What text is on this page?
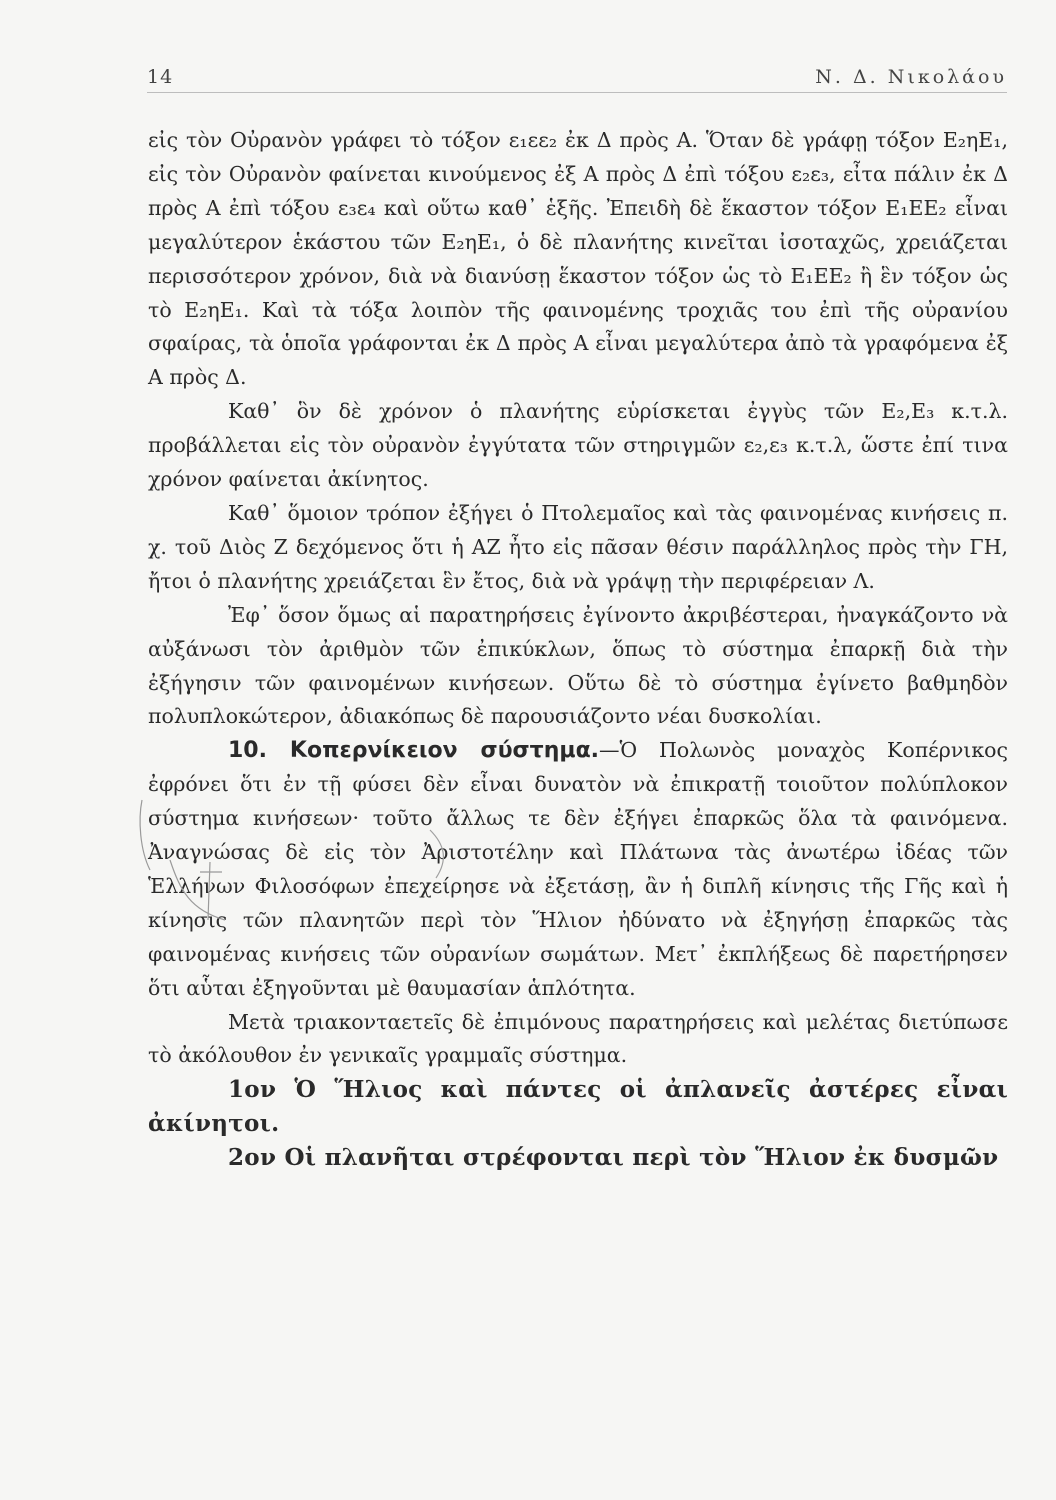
14	Ν. Δ. Νικολάου

εἰς τὸν Οὐρανὸν γράφει τὸ τόξον ε₁εε₂ ἐκ Δ πρὸς Α. Ὅταν δὲ γράφῃ τόξον Ε₂ηΕ₁, εἰς τὸν Οὐρανὸν φαίνεται κινούμενος ἐξ Α πρὸς Δ ἐπὶ τόξου ε₂ε₃, εἶτα πάλιν ἐκ Δ πρὸς Α ἐπὶ τόξου ε₃ε₄ καὶ οὕτω καθ᾽ ἑξῆς. Ἐπειδὴ δὲ ἕκαστον τόξον Ε₁ΕΕ₂ εἶναι μεγαλύτερον ἑκάστου τῶν Ε₂ηΕ₁, ὁ δὲ πλανήτης κινεῖται ἰσοταχῶς, χρειάζεται περισσότερον χρόνον, διὰ νὰ διανύσῃ ἕκαστον τόξον ὡς τὸ Ε₁ΕΕ₂ ἢ ἓν τόξον ὡς τὸ Ε₂ηΕ₁. Καὶ τὰ τόξα λοιπὸν τῆς φαινομένης τροχιᾶς του ἐπὶ τῆς οὐρανίου σφαίρας, τὰ ὁποῖα γράφονται ἐκ Δ πρὸς Α εἶναι μεγαλύτερα ἀπὸ τὰ γραφόμενα ἐξ Α πρὸς Δ.

Καθ᾽ ὃν δὲ χρόνον ὁ πλανήτης εὑρίσκεται ἐγγὺς τῶν Ε₂,Ε₃ κ.τ.λ. προβάλλεται εἰς τὸν οὐρανὸν ἐγγύτατα τῶν στηριγμῶν ε₂,ε₃ κ.τ.λ, ὥστε ἐπί τινα χρόνον φαίνεται ἀκίνητος.

Καθ᾽ ὅμοιον τρόπον ἐξήγει ὁ Πτολεμαῖος καὶ τὰς φαινομένας κινήσεις π. χ. τοῦ Διὸς Ζ δεχόμενος ὅτι ἡ ΑΖ ἦτο εἰς πᾶσαν θέσιν παράλληλος πρὸς τὴν ΓΗ, ἤτοι ὁ πλανήτης χρειάζεται ἓν ἔτος, διὰ νὰ γράψῃ τὴν περιφέρειαν Λ.

Ἐφ᾽ ὅσον ὅμως αἱ παρατηρήσεις ἐγίνοντο ἀκριβέστεραι, ἠναγκάζοντο νὰ αὐξάνωσι τὸν ἀριθμὸν τῶν ἐπικύκλων, ὅπως τὸ σύστημα ἐπαρκῇ διὰ τὴν ἐξήγησιν τῶν φαινομένων κινήσεων. Οὕτω δὲ τὸ σύστημα ἐγίνετο βαθμηδὸν πολυπλοκώτερον, ἀδιακόπως δὲ παρουσιάζοντο νέαι δυσκολίαι.

10. Κοπερνίκειον σύστημα.—Ὁ Πολωνὸς μοναχὸς Κοπέρνικος ἐφρόνει ὅτι ἐν τῇ φύσει δὲν εἶναι δυνατὸν νὰ ἐπικρατῇ τοιοῦτον πολύπλοκον σύστημα κινήσεων· τοῦτο ἄλλως τε δὲν ἐξήγει ἐπαρκῶς ὅλα τὰ φαινόμενα. Ἀναγνώσας δὲ εἰς τὸν Ἀριστοτέλην καὶ Πλάτωνα τὰς ἀνωτέρω ἰδέας τῶν Ἑλλήνων Φιλοσόφων ἐπεχείρησε νὰ ἐξετάσῃ, ἂν ἡ διπλῆ κίνησις τῆς Γῆς καὶ ἡ κίνησις τῶν πλανητῶν περὶ τὸν Ἥλιον ἠδύνατο νὰ ἐξηγήσῃ ἐπαρκῶς τὰς φαινομένας κινήσεις τῶν οὐρανίων σωμάτων. Μετ᾽ ἐκπλήξεως δὲ παρετήρησεν ὅτι αὗται ἐξηγοῦνται μὲ θαυμασίαν ἁπλότητα.

Μετὰ τριακονταετεῖς δὲ ἐπιμόνους παρατηρήσεις καὶ μελέτας διετύπωσε τὸ ἀκόλουθον ἐν γενικαῖς γραμμαῖς σύστημα.

1ον Ὁ Ἥλιος καὶ πάντες οἱ ἀπλανεῖς ἀστέρες εἶναι ἀκίνητοι.

2ον Οἱ πλανῆται στρέφονται περὶ τὸν Ἥλιον ἐκ δυσμῶν
